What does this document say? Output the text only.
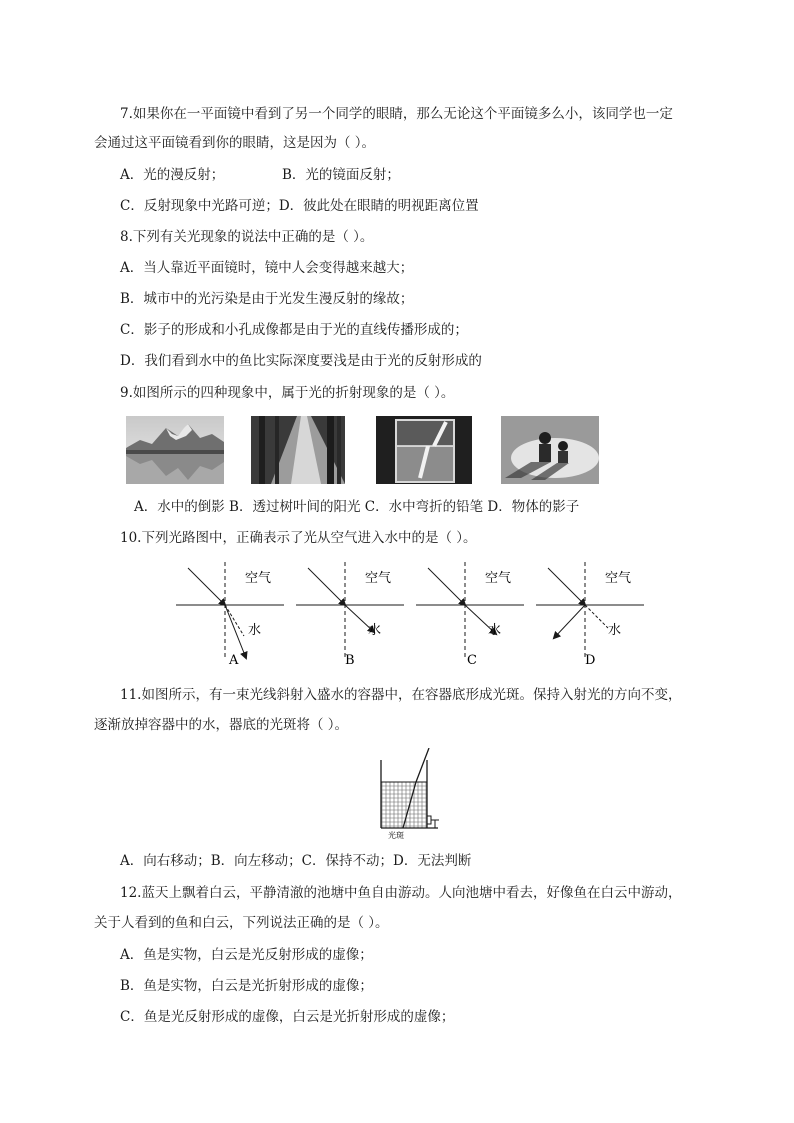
7.如果你在一平面镜中看到了另一个同学的眼睛，那么无论这个平面镜多么小，该同学也一定
会通过这平面镜看到你的眼睛，这是因为（ ）。
A．光的漫反射；	B．光的镜面反射；
C．反射现象中光路可逆；D．彼此处在眼睛的明视距离位置
8.下列有关光现象的说法中正确的是（ ）。
A．当人靠近平面镜时，镜中人会变得越来越大；
B．城市中的光污染是由于光发生漫反射的缘故；
C．影子的形成和小孔成像都是由于光的直线传播形成的；
D．我们看到水中的鱼比实际深度要浅是由于光的反射形成的
9.如图所示的四种现象中，属于光的折射现象的是（ ）。
A．水中的倒影 B．透过树叶间的阳光 C．水中弯折的铅笔 D．物体的影子
10.下列光路图中，正确表示了光从空气进入水中的是（ ）。
空气
水
A
空气
水
B
空气
水
C
空气
水
D
11.如图所示，有一束光线斜射入盛水的容器中，在容器底形成光斑。保持入射光的方向不变，
逐渐放掉容器中的水，器底的光斑将（ ）。
光斑
A．向右移动；B．向左移动；C．保持不动；D．无法判断
12.蓝天上飘着白云，平静清澈的池塘中鱼自由游动。人向池塘中看去，好像鱼在白云中游动，
关于人看到的鱼和白云，下列说法正确的是（ ）。
A．鱼是实物，白云是光反射形成的虚像；
B．鱼是实物，白云是光折射形成的虚像；
C．鱼是光反射形成的虚像，白云是光折射形成的虚像；
